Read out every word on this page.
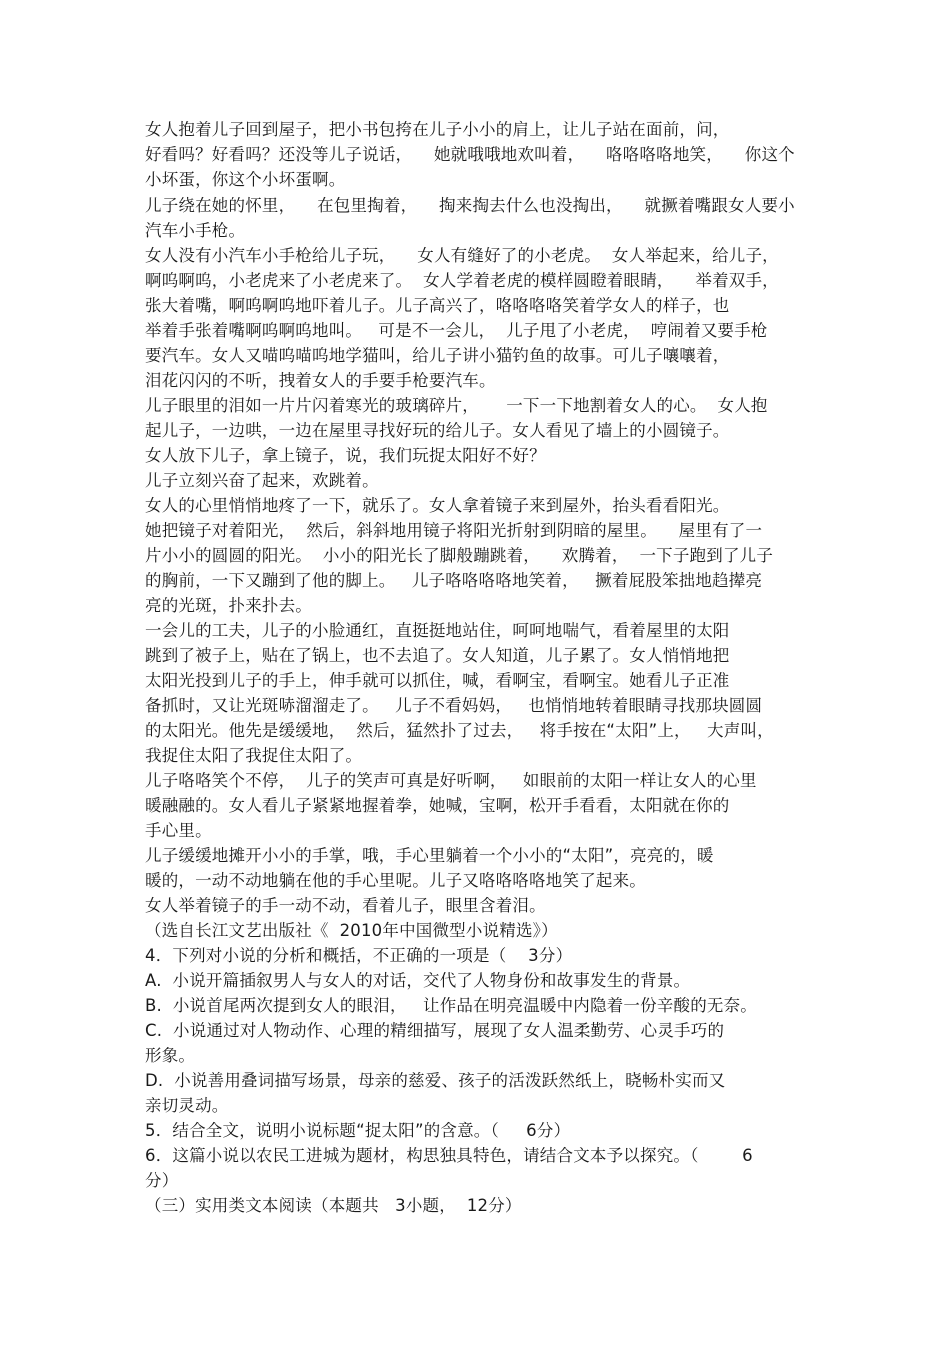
女人抱着儿子回到屋子，把小书包挎在儿子小小的肩上，让儿子站在面前，问，
好看吗？好看吗？还没等儿子说话，    她就哦哦地欢叫着，    咯咯咯咯地笑，    你这个
小坏蛋，你这个小坏蛋啊。
儿子绕在她的怀里，    在包里掏着，    掏来掏去什么也没掏出，    就撅着嘴跟女人要小
汽车小手枪。
女人没有小汽车小手枪给儿子玩，    女人有缝好了的小老虎。  女人举起来，给儿子，
啊呜啊呜，小老虎来了小老虎来了。  女人学着老虎的模样圆瞪着眼睛，    举着双手，
张大着嘴，啊呜啊呜地吓着儿子。儿子高兴了，咯咯咯咯笑着学女人的样子，也
举着手张着嘴啊呜啊呜地叫。   可是不一会儿，  儿子甩了小老虎，  哼闹着又要手枪
要汽车。女人又喵呜喵呜地学猫叫，给儿子讲小猫钓鱼的故事。可儿子嚷嚷着，
泪花闪闪的不听，拽着女人的手要手枪要汽车。
儿子眼里的泪如一片片闪着寒光的玻璃碎片，     一下一下地割着女人的心。  女人抱
起儿子，一边哄，一边在屋里寻找好玩的给儿子。女人看见了墙上的小圆镜子。
女人放下儿子，拿上镜子，说，我们玩捉太阳好不好？
儿子立刻兴奋了起来，欢跳着。
女人的心里悄悄地疼了一下，就乐了。女人拿着镜子来到屋外，抬头看看阳光。
她把镜子对着阳光，  然后，斜斜地用镜子将阳光折射到阴暗的屋里。    屋里有了一
片小小的圆圆的阳光。  小小的阳光长了脚般蹦跳着，    欢腾着，  一下子跑到了儿子
的胸前，一下又蹦到了他的脚上。   儿子咯咯咯咯地笑着，   撅着屁股笨拙地趋撵亮
亮的光斑，扑来扑去。
一会儿的工夫，儿子的小脸通红，直挺挺地站住，呵呵地喘气，看着屋里的太阳
跳到了被子上，贴在了锅上，也不去追了。女人知道，儿子累了。女人悄悄地把
太阳光投到儿子的手上，伸手就可以抓住，喊，看啊宝，看啊宝。她看儿子正准
备抓时，又让光斑哧溜溜走了。   儿子不看妈妈，   也悄悄地转着眼睛寻找那块圆圆
的太阳光。他先是缓缓地，  然后，猛然扑了过去，   将手按在“太阳”上，   大声叫，
我捉住太阳了我捉住太阳了。
儿子咯咯笑个不停，  儿子的笑声可真是好听啊，   如眼前的太阳一样让女人的心里
暖融融的。女人看儿子紧紧地握着拳，她喊，宝啊，松开手看看，太阳就在你的
手心里。
儿子缓缓地摊开小小的手掌，哦，手心里躺着一个小小的“太阳”，亮亮的，暖
暖的，一动不动地躺在他的手心里呢。儿子又咯咯咯咯地笑了起来。
女人举着镜子的手一动不动，看着儿子，眼里含着泪。
（选自长江文艺出版社《  2010年中国微型小说精选》）
4．下列对小说的分析和概括，不正确的一项是（    3分）
A.  小说开篇插叙男人与女人的对话，交代了人物身份和故事发生的背景。
B.  小说首尾两次提到女人的眼泪，   让作品在明亮温暖中内隐着一份辛酸的无奈。
C.  小说通过对人物动作、心理的精细描写，展现了女人温柔勤劳、心灵手巧的
形象。
D.  小说善用叠词描写场景，母亲的慈爱、孩子的活泼跃然纸上，晓畅朴实而又
亲切灵动。
5．结合全文，说明小说标题“捉太阳”的含意。（     6分）
6．这篇小说以农民工进城为题材，构思独具特色，请结合文本予以探究。（        6
分）
（三）实用类文本阅读（本题共   3小题，  12分）
